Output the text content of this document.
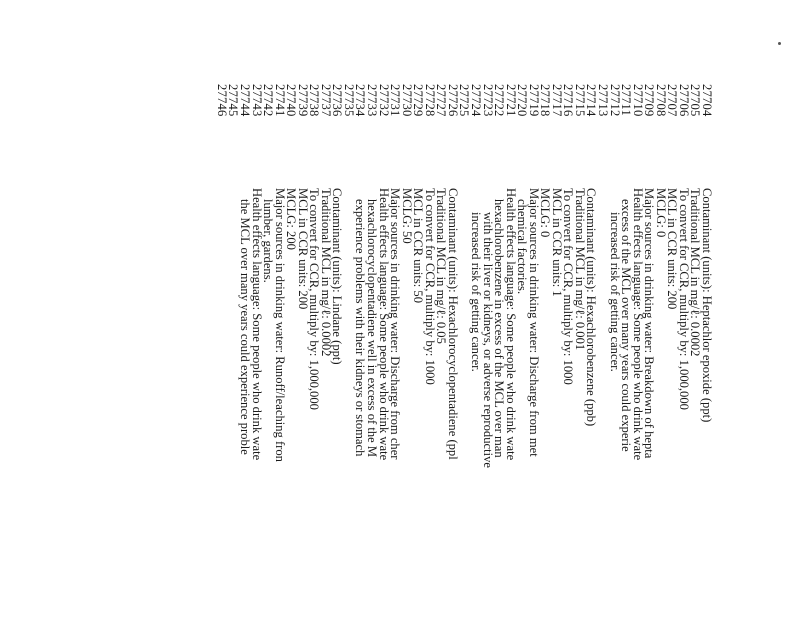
27704
Contaminant (units): Heptachlor epoxide (ppt)
27705
Traditional MCL in mg/ℓ: 0.0002
27706
To convert for CCR, multiply by: 1,000,000
27707
MCL in CCR units: 200
27708
MCLG: 0
27709
Major sources in drinking water: Breakdown of hepta
27710
Health effects language: Some people who drink wate
27711
excess of the MCL over many years could experie
27712
increased risk of getting cancer.
27713
27714
Contaminant (units): Hexachlorobenzene (ppb)
27715
Traditional MCL in mg/ℓ: 0.001
27716
To convert for CCR, multiply by: 1000
27717
MCL in CCR units: 1
27718
MCLG: 0
27719
Major sources in drinking water: Discharge from met
27720
chemical factories.
27721
Health effects language: Some people who drink wate
27722
hexachlorobenzene in excess of the MCL over man
27723
with their liver or kidneys, or adverse reproductive
27724
increased risk of getting cancer.
27725
27726
Contaminant (units): Hexachlorocyclopentadiene (ppl
27727
Traditional MCL in mg/ℓ: 0.05
27728
To convert for CCR, multiply by: 1000
27729
MCL in CCR units: 50
27730
MCLG: 50
27731
Major sources in drinking water: Discharge from cher
27732
Health effects language: Some people who drink wate
27733
hexachlorocyclopentadiene well in excess of the M
27734
experience problems with their kidneys or stomach
27735
27736
Contaminant (units): Lindane (ppt)
27737
Traditional MCL in mg/ℓ: 0.0002
27738
To convert for CCR, multiply by: 1,000,000
27739
MCL in CCR units: 200
27740
MCLG: 200
27741
Major sources in drinking water: Runoff/leaching fron
27742
lumber, gardens.
27743
Health effects language: Some people who drink wate
27744
the MCL over many years could experience proble
27745
27746
